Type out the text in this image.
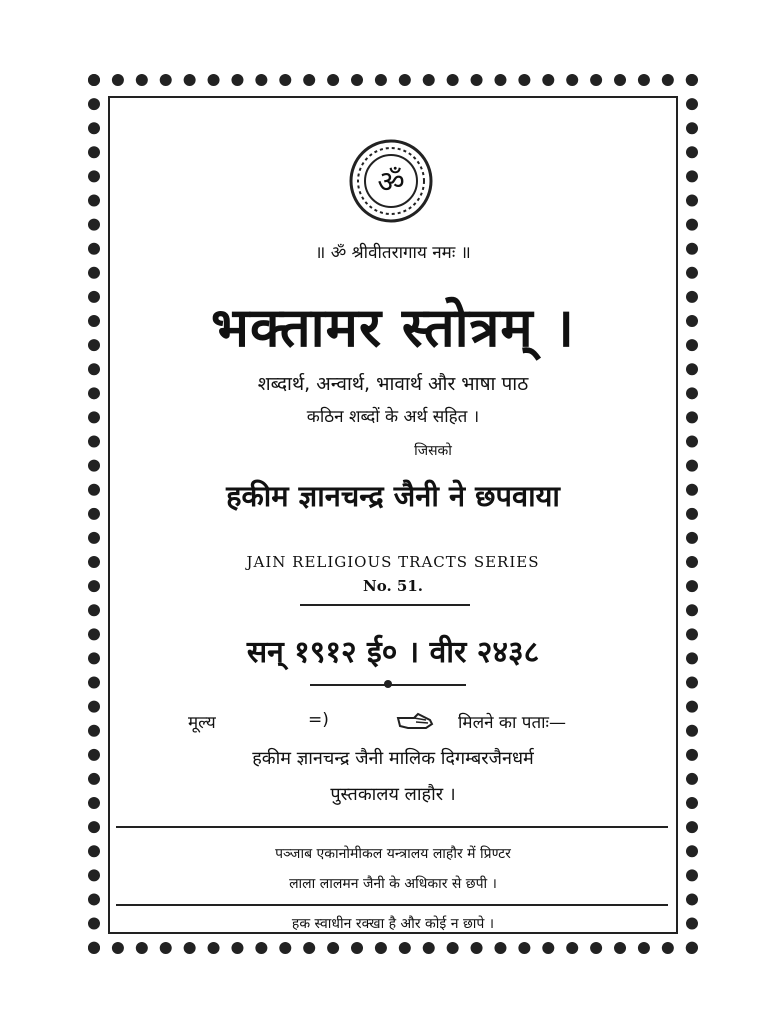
ॐ
॥ ॐ श्रीवीतरागाय नमः ॥
भक्तामर स्तोत्रम् ।
शब्दार्थ, अन्वार्थ, भावार्थ और भाषा पाठ
कठिन शब्दों के अर्थ सहित ।
जिसको
हकीम ज्ञानचन्द्र जैनी ने छपवाया
JAIN RELIGIOUS TRACTS SERIES
No. 51.
सन् १९१२ ई० । वीर २४३८
मूल्य	=)	मिलने का पताः—
हकीम ज्ञानचन्द्र जैनी मालिक दिगम्बरजैनधर्म
पुस्तकालय लाहौर ।
पञ्जाब एकानोमीकल यन्त्रालय लाहौर में प्रिण्टर
लाला लालमन जैनी के अधिकार से छपी ।
हक स्वाधीन रक्खा है और कोई न छापे ।
